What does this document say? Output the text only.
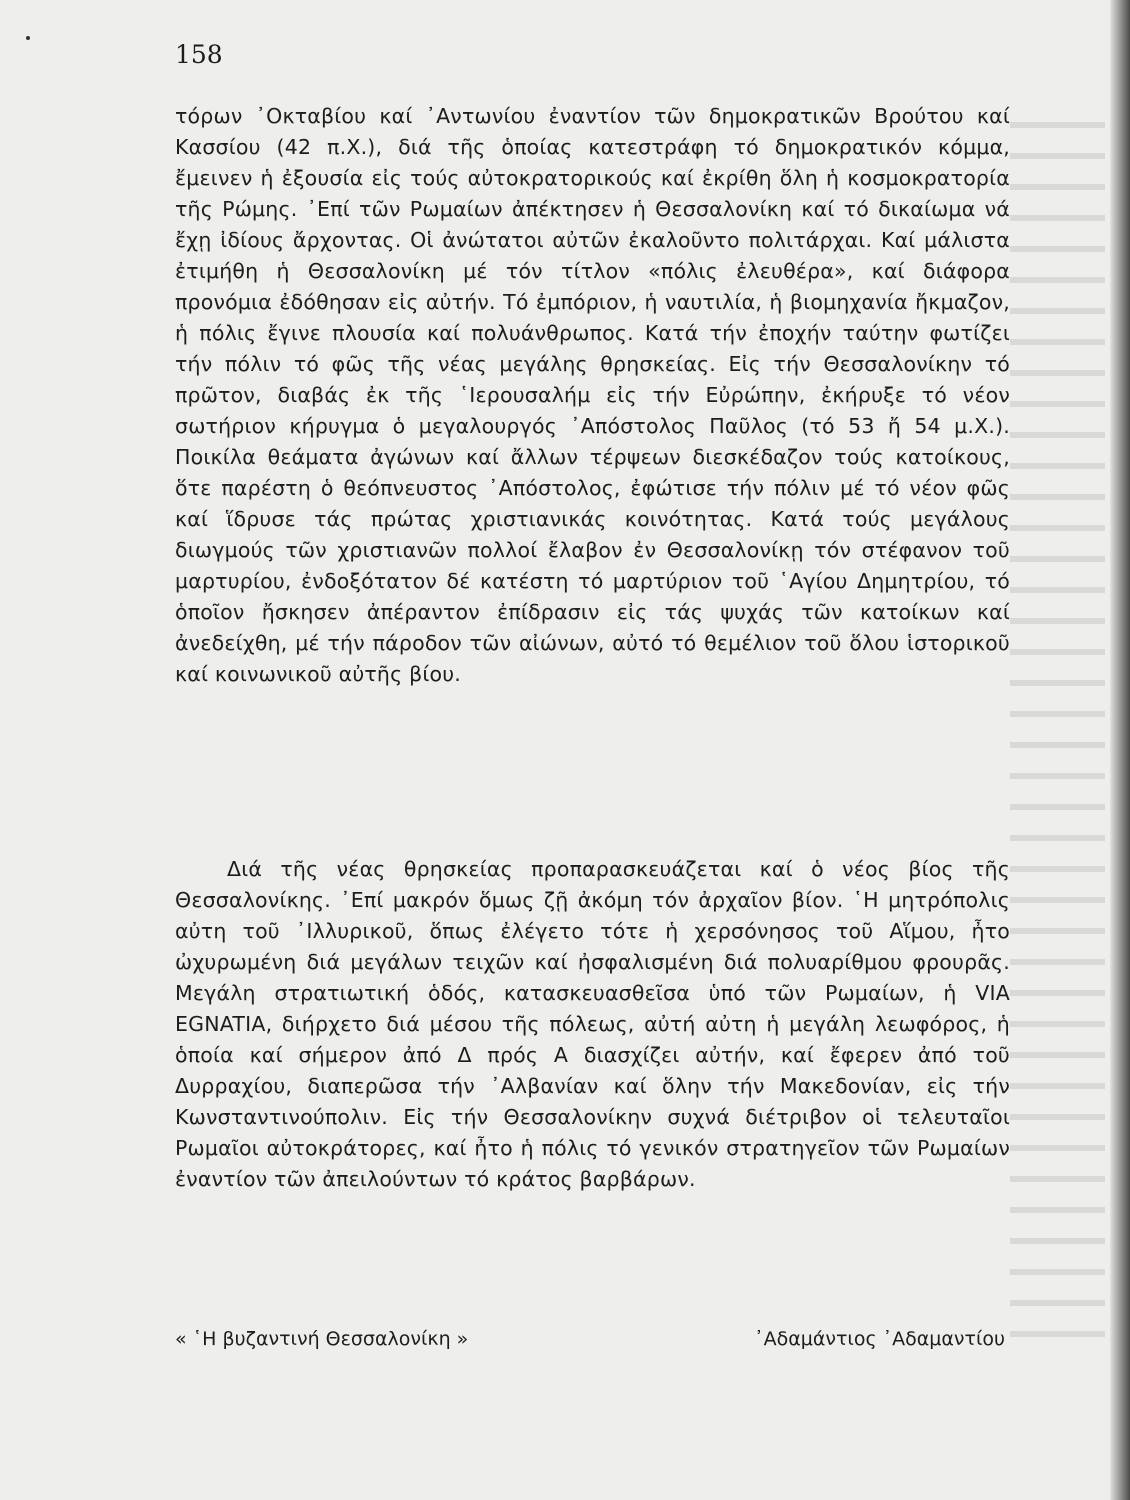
158
τόρων ᾿Οκταβίου καί ᾿Αντωνίου ἐναντίον τῶν δημοκρατικῶν Βρούτου καί Κασσίου (42 π.Χ.), διά τῆς ὁποίας κατεστράφη τό δημοκρατικόν κόμμα, ἔμεινεν ἡ ἐξουσία εἰς τούς αὐτοκρατορικούς καί ἐκρίθη ὅλη ἡ κοσμοκρατορία τῆς Ρώμης. ᾿Επί τῶν Ρωμαίων ἀπέκτησεν ἡ Θεσσαλονίκη καί τό δικαίωμα νά ἔχῃ ἰδίους ἄρχοντας. Οἱ ἀνώτατοι αὐτῶν ἐκαλοῦντο πολιτάρχαι. Καί μάλιστα ἐτιμήθη ἡ Θεσσαλονίκη μέ τόν τίτλον «πόλις ἐλευθέρα», καί διάφορα προνόμια ἐδόθησαν εἰς αὐτήν. Τό ἐμπόριον, ἡ ναυτιλία, ἡ βιομηχανία ἤκμαζον, ἡ πόλις ἔγινε πλουσία καί πολυάνθρωπος. Κατά τήν ἐποχήν ταύτην φωτίζει τήν πόλιν τό φῶς τῆς νέας μεγάλης θρησκείας. Εἰς τήν Θεσσαλονίκην τό πρῶτον, διαβάς ἐκ τῆς ῾Ιερουσαλήμ εἰς τήν Εὐρώπην, ἐκήρυξε τό νέον σωτήριον κήρυγμα ὁ μεγαλουργός ᾿Απόστολος Παῦλος (τό 53 ἤ 54 μ.Χ.). Ποικίλα θεάματα ἀγώνων καί ἄλλων τέρψεων διεσκέδαζον τούς κατοίκους, ὅτε παρέστη ὁ θεόπνευστος ᾿Απόστολος, ἐφώτισε τήν πόλιν μέ τό νέον φῶς καί ἵδρυσε τάς πρώτας χριστιανικάς κοινότητας. Κατά τούς μεγάλους διωγμούς τῶν χριστιανῶν πολλοί ἔλαβον ἐν Θεσσαλονίκῃ τόν στέφανον τοῦ μαρτυρίου, ἐνδοξότατον δέ κατέστη τό μαρτύριον τοῦ ῾Αγίου Δημητρίου, τό ὁποῖον ἤσκησεν ἀπέραντον ἐπίδρασιν εἰς τάς ψυχάς τῶν κατοίκων καί ἀνεδείχθη, μέ τήν πάροδον τῶν αἰώνων, αὐτό τό θεμέλιον τοῦ ὅλου ἱστορικοῦ καί κοινωνικοῦ αὐτῆς βίου.
Διά τῆς νέας θρησκείας προπαρασκευάζεται καί ὁ νέος βίος τῆς Θεσσαλονίκης. ᾿Επί μακρόν ὅμως ζῇ ἀκόμη τόν ἀρχαῖον βίον. ῾Η μητρόπολις αὐτη τοῦ ᾿Ιλλυρικοῦ, ὅπως ἐλέγετο τότε ἡ χερσόνησος τοῦ Αἵμου, ἦτο ὠχυρωμένη διά μεγάλων τειχῶν καί ἠσφαλισμένη διά πολυαρίθμου φρουρᾶς. Μεγάλη στρατιωτική ὁδός, κατασκευασθεῖσα ὑπό τῶν Ρωμαίων, ἡ VIA EGNATIA, διήρχετο διά μέσου τῆς πόλεως, αὐτή αὐτη ἡ μεγάλη λεωφόρος, ἡ ὁποία καί σήμερον ἀπό Δ πρός Α διασχίζει αὐτήν, καί ἔφερεν ἀπό τοῦ Δυρραχίου, διαπερῶσα τήν ᾿Αλβανίαν καί ὅλην τήν Μακεδονίαν, εἰς τήν Κωνσταντινούπολιν. Εἰς τήν Θεσσαλονίκην συχνά διέτριβον οἱ τελευταῖοι Ρωμαῖοι αὐτοκράτορες, καί ἦτο ἡ πόλις τό γενικόν στρατηγεῖον τῶν Ρωμαίων ἐναντίον τῶν ἀπειλούντων τό κράτος βαρβάρων.
« ῾Η βυζαντινή Θεσσαλονίκη »	᾿Αδαμάντιος ᾿Αδαμαντίου
